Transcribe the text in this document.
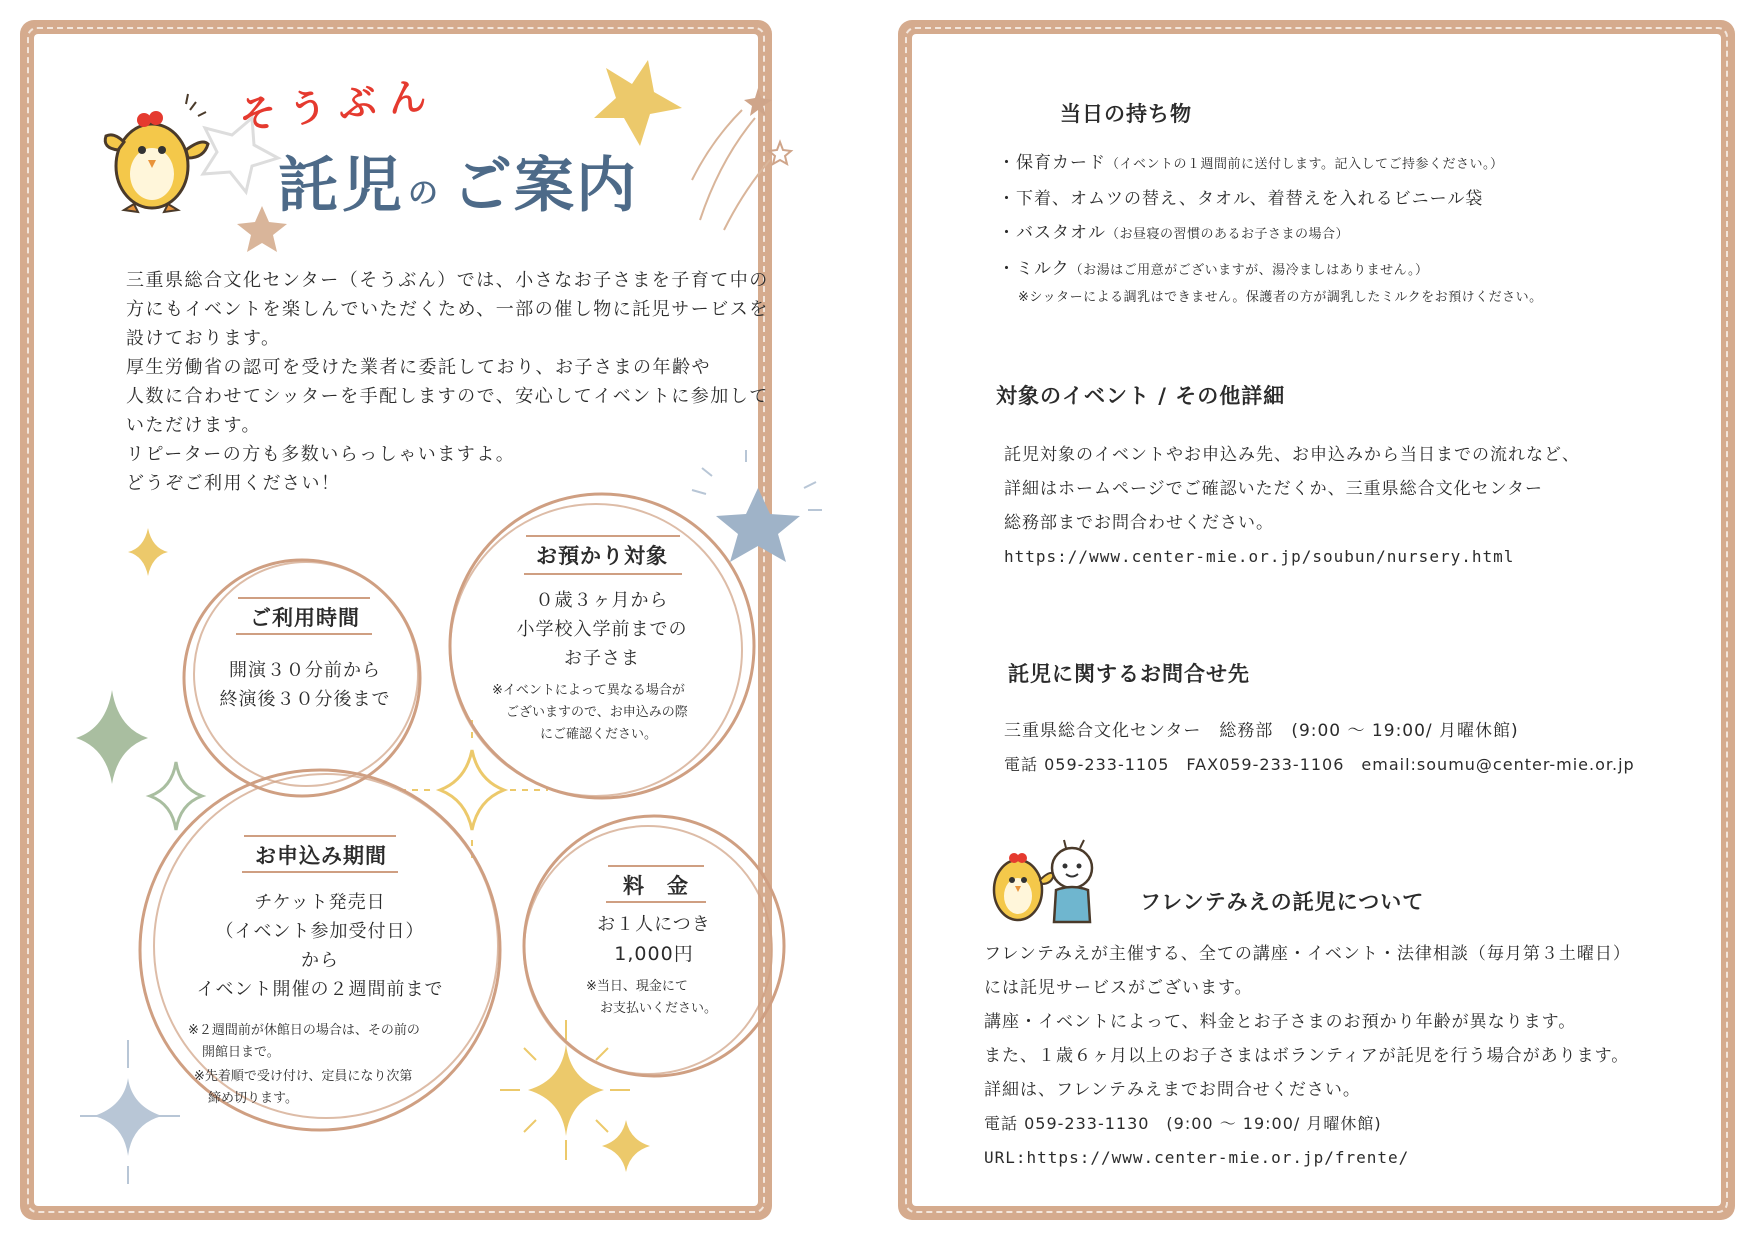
そうぶん
託児 の ご案内

三重県総合文化センター（そうぶん）では、小さなお子さまを子育て中の

方にもイベントを楽しんでいただくため、一部の催し物に託児サービスを

設けております。

厚生労働省の認可を受けた業者に委託しており、お子さまの年齢や

人数に合わせてシッターを手配しますので、安心してイベントに参加して

いただけます。

リピーターの方も多数いらっしゃいますよ。

どうぞご利用ください！

ご利用時間
開演３０分前から
終演後３０分後まで
お預かり対象
０歳３ヶ月から
小学校入学前までの
お子さま
※イベントによって異なる場合が
ございますので、お申込みの際
にご確認ください。
お申込み期間
チケット発売日
（イベント参加受付日）
から
イベント開催の２週間前まで
※２週間前が休館日の場合は、その前の
開館日まで。
※先着順で受け付け、定員になり次第
締め切ります。
料　金
お１人につき
1,000円
※当日、現金にて
お支払いください。
当日の持ち物
・保育カード（イベントの１週間前に送付します。記入してご持参ください。）
・下着、オムツの替え、タオル、着替えを入れるビニール袋
・バスタオル（お昼寝の習慣のあるお子さまの場合）
・ミルク（お湯はご用意がございますが、湯冷ましはありません。）
※シッターによる調乳はできません。保護者の方が調乳したミルクをお預けください。
対象のイベント / その他詳細
託児対象のイベントやお申込み先、お申込みから当日までの流れなど、
詳細はホームページでご確認いただくか、三重県総合文化センター
総務部までお問合わせください。
https://www.center-mie.or.jp/soubun/nursery.html
託児に関するお問合せ先
三重県総合文化センター　総務部　(9:00 〜 19:00/ 月曜休館)
電話 059-233-1105　FAX059-233-1106　email:soumu@center-mie.or.jp
フレンテみえの託児について
フレンテみえが主催する、全ての講座・イベント・法律相談（毎月第３土曜日）
には託児サービスがございます。
講座・イベントによって、料金とお子さまのお預かり年齢が異なります。
また、１歳６ヶ月以上のお子さまはボランティアが託児を行う場合があります。
詳細は、フレンテみえまでお問合せください。
電話 059-233-1130　(9:00 〜 19:00/ 月曜休館)
URL:https://www.center-mie.or.jp/frente/
